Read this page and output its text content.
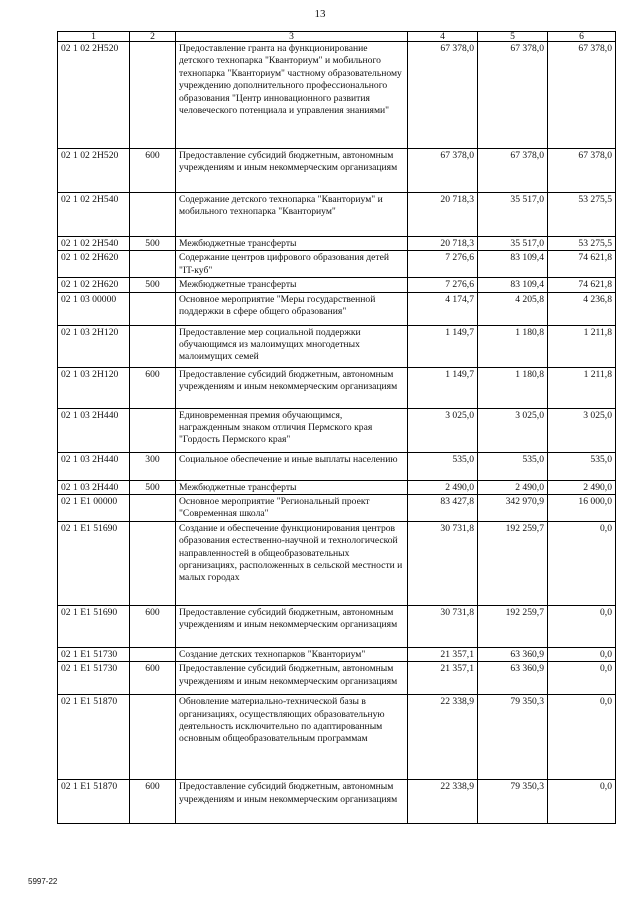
13
1	2	3	4	5	6
02 1 02 2Н520		Предоставление гранта на функционирование детского технопарка "Кванториум" и мобильного технопарка "Кванториум" частному образовательному учреждению дополнительного профессионального образования "Центр инновационного развития человеческого потенциала и управления знаниями"	67 378,0	67 378,0	67 378,0
02 1 02 2Н520	600	Предоставление субсидий бюджетным, автономным учреждениям и иным некоммерческим организациям	67 378,0	67 378,0	67 378,0
02 1 02 2Н540		Содержание детского технопарка "Кванториум" и мобильного технопарка "Кванториум"	20 718,3	35 517,0	53 275,5
02 1 02 2Н540	500	Межбюджетные трансферты	20 718,3	35 517,0	53 275,5
02 1 02 2Н620		Содержание центров цифрового образования детей "IT-куб"	7 276,6	83 109,4	74 621,8
02 1 02 2Н620	500	Межбюджетные трансферты	7 276,6	83 109,4	74 621,8
02 1 03 00000		Основное мероприятие "Меры государственной поддержки в сфере общего образования"	4 174,7	4 205,8	4 236,8
02 1 03 2Н120		Предоставление мер социальной поддержки обучающимся из малоимущих многодетных малоимущих семей	1 149,7	1 180,8	1 211,8
02 1 03 2Н120	600	Предоставление субсидий бюджетным, автономным учреждениям и иным некоммерческим организациям	1 149,7	1 180,8	1 211,8
02 1 03 2Н440		Единовременная премия обучающимся, награжденным знаком отличия Пермского края "Гордость Пермского края"	3 025,0	3 025,0	3 025,0
02 1 03 2Н440	300	Социальное обеспечение и иные выплаты населению	535,0	535,0	535,0
02 1 03 2Н440	500	Межбюджетные трансферты	2 490,0	2 490,0	2 490,0
02 1 Е1 00000		Основное мероприятие "Региональный проект "Современная школа"	83 427,8	342 970,9	16 000,0
02 1 Е1 51690		Создание и обеспечение функционирования центров образования естественно-научной и технологической направленностей в общеобразовательных организациях, расположенных в сельской местности и малых городах	30 731,8	192 259,7	0,0
02 1 Е1 51690	600	Предоставление субсидий бюджетным, автономным учреждениям и иным некоммерческим организациям	30 731,8	192 259,7	0,0
02 1 Е1 51730		Создание детских технопарков "Кванториум"	21 357,1	63 360,9	0,0
02 1 Е1 51730	600	Предоставление субсидий бюджетным, автономным учреждениям и иным некоммерческим организациям	21 357,1	63 360,9	0,0
02 1 Е1 51870		Обновление материально-технической базы в организациях, осуществляющих образовательную деятельность исключительно по адаптированным основным общеобразовательным программам	22 338,9	79 350,3	0,0
02 1 Е1 51870	600	Предоставление субсидий бюджетным, автономным учреждениям и иным некоммерческим организациям	22 338,9	79 350,3	0,0
5997-22
